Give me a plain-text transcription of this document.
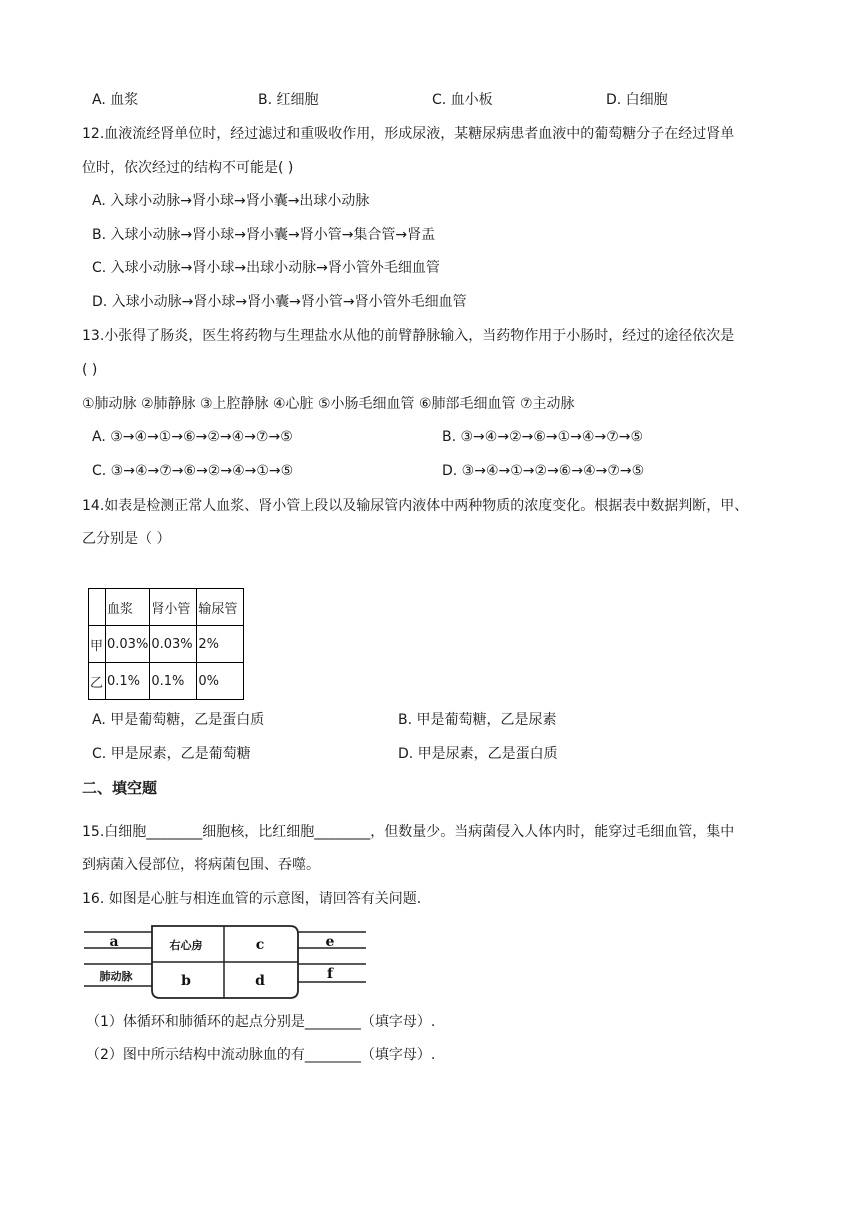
A. 血浆	B. 红细胞	C. 血小板	D. 白细胞
12.血液流经肾单位时，经过滤过和重吸收作用，形成尿液，某糖尿病患者血液中的葡萄糖分子在经过肾单
位时，依次经过的结构不可能是( )
A. 入球小动脉→肾小球→肾小囊→出球小动脉
B. 入球小动脉→肾小球→肾小囊→肾小管→集合管→肾盂
C. 入球小动脉→肾小球→出球小动脉→肾小管外毛细血管
D. 入球小动脉→肾小球→肾小囊→肾小管→肾小管外毛细血管
13.小张得了肠炎，医生将药物与生理盐水从他的前臂静脉输入，当药物作用于小肠时，经过的途径依次是
( )
①肺动脉 ②肺静脉 ③上腔静脉 ④心脏 ⑤小肠毛细血管 ⑥肺部毛细血管 ⑦主动脉
A. ③→④→①→⑥→②→④→⑦→⑤	B. ③→④→②→⑥→①→④→⑦→⑤
C. ③→④→⑦→⑥→②→④→①→⑤	D. ③→④→①→②→⑥→④→⑦→⑤
14.如表是检测正常人血浆、肾小管上段以及输尿管内液体中两种物质的浓度变化。根据表中数据判断，甲、
乙分别是（ ）
	血浆	肾小管	输尿管
甲	0.03%	0.03%	2%
乙	0.1%	0.1%	0%
A. 甲是葡萄糖，乙是蛋白质	B. 甲是葡萄糖，乙是尿素
C. 甲是尿素，乙是葡萄糖	D. 甲是尿素，乙是蛋白质
二、填空题
15.白细胞________细胞核，比红细胞________，但数量少。当病菌侵入人体内时，能穿过毛细血管，集中
到病菌入侵部位，将病菌包围、吞噬。
16. 如图是心脏与相连血管的示意图，请回答有关问题.
a	右心房	c	e
肺动脉	b	d	f
（1）体循环和肺循环的起点分别是________（填字母）.
（2）图中所示结构中流动脉血的有________（填字母）.
